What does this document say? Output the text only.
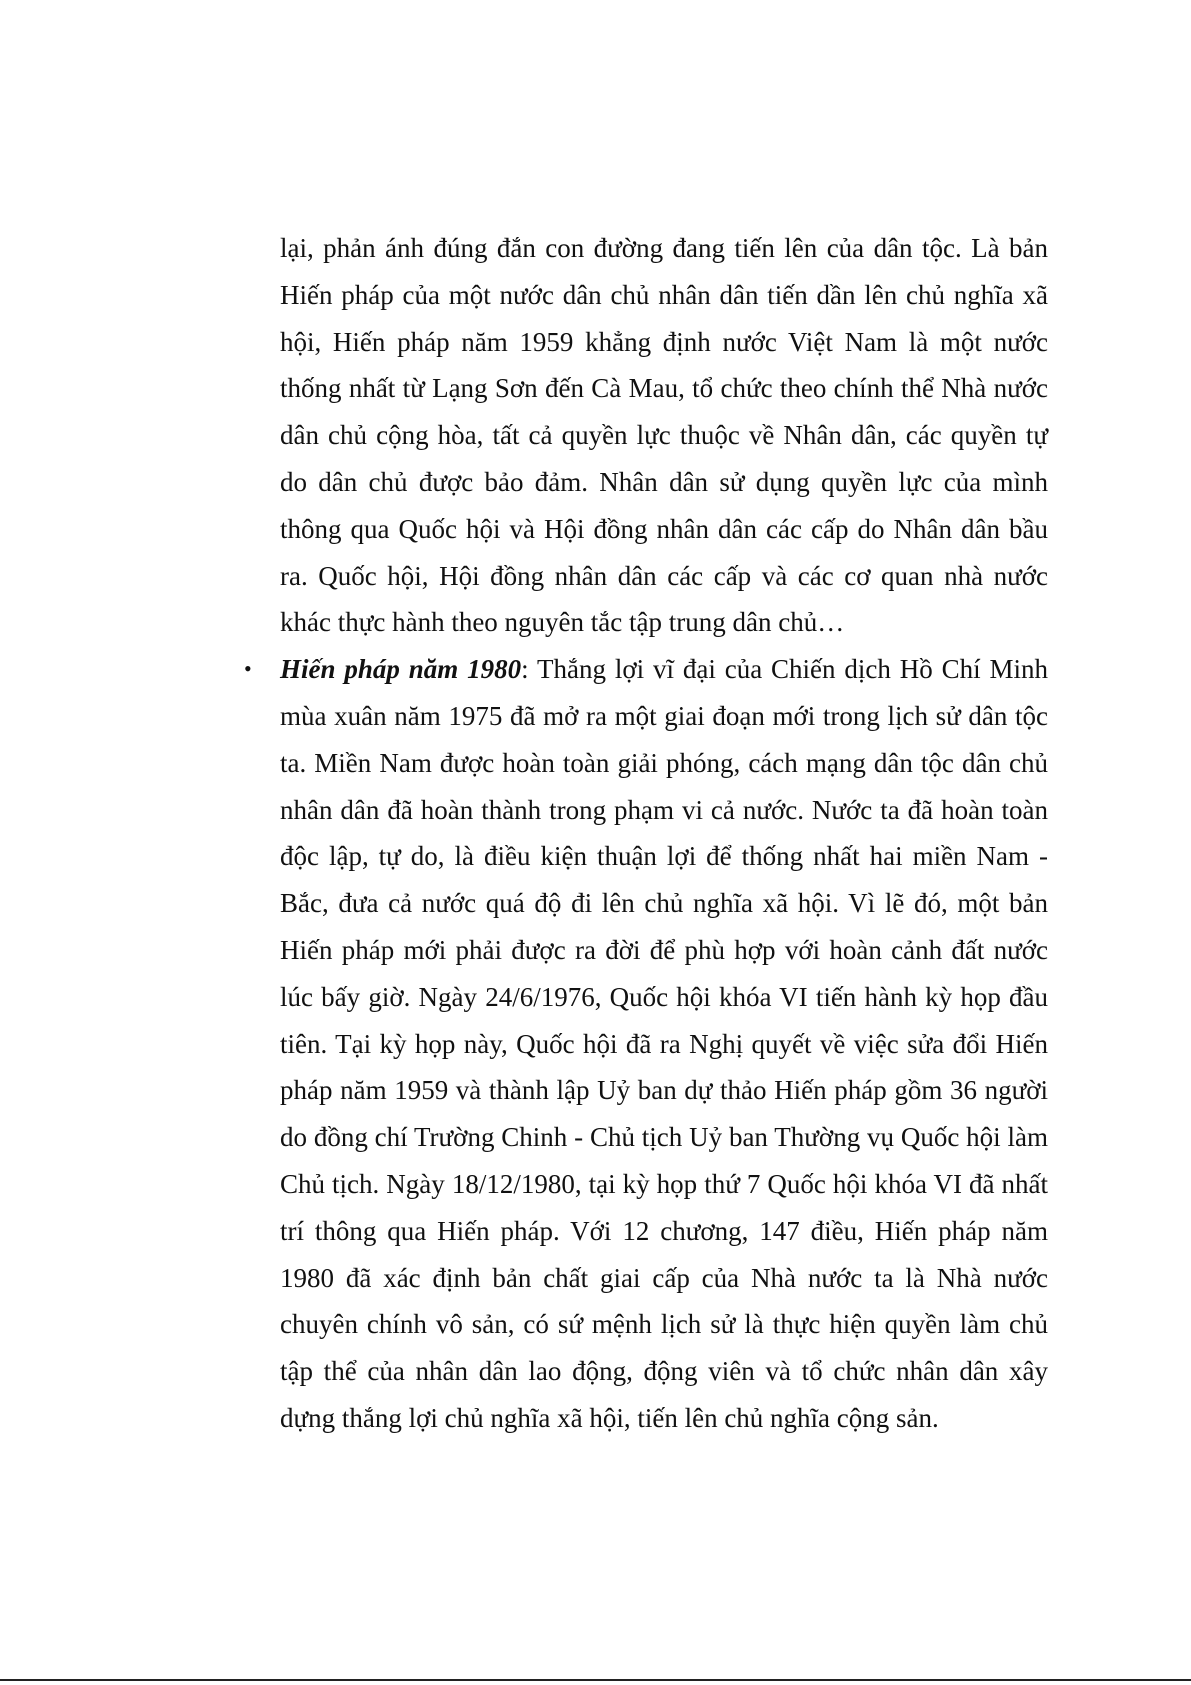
lại, phản ánh đúng đắn con đường đang tiến lên của dân tộc. Là bản Hiến pháp của một nước dân chủ nhân dân tiến dần lên chủ nghĩa xã hội, Hiến pháp năm 1959 khẳng định nước Việt Nam là một nước thống nhất từ Lạng Sơn đến Cà Mau, tổ chức theo chính thể Nhà nước dân chủ cộng hòa, tất cả quyền lực thuộc về Nhân dân, các quyền tự do dân chủ được bảo đảm. Nhân dân sử dụng quyền lực của mình thông qua Quốc hội và Hội đồng nhân dân các cấp do Nhân dân bầu ra. Quốc hội, Hội đồng nhân dân các cấp và các cơ quan nhà nước khác thực hành theo nguyên tắc tập trung dân chủ…

• Hiến pháp năm 1980: Thắng lợi vĩ đại của Chiến dịch Hồ Chí Minh mùa xuân năm 1975 đã mở ra một giai đoạn mới trong lịch sử dân tộc ta. Miền Nam được hoàn toàn giải phóng, cách mạng dân tộc dân chủ nhân dân đã hoàn thành trong phạm vi cả nước. Nước ta đã hoàn toàn độc lập, tự do, là điều kiện thuận lợi để thống nhất hai miền Nam - Bắc, đưa cả nước quá độ đi lên chủ nghĩa xã hội. Vì lẽ đó, một bản Hiến pháp mới phải được ra đời để phù hợp với hoàn cảnh đất nước lúc bấy giờ. Ngày 24/6/1976, Quốc hội khóa VI tiến hành kỳ họp đầu tiên. Tại kỳ họp này, Quốc hội đã ra Nghị quyết về việc sửa đổi Hiến pháp năm 1959 và thành lập Uỷ ban dự thảo Hiến pháp gồm 36 người do đồng chí Trường Chinh - Chủ tịch Uỷ ban Thường vụ Quốc hội làm Chủ tịch. Ngày 18/12/1980, tại kỳ họp thứ 7 Quốc hội khóa VI đã nhất trí thông qua Hiến pháp. Với 12 chương, 147 điều, Hiến pháp năm 1980 đã xác định bản chất giai cấp của Nhà nước ta là Nhà nước chuyên chính vô sản, có sứ mệnh lịch sử là thực hiện quyền làm chủ tập thể của nhân dân lao động, động viên và tổ chức nhân dân xây dựng thắng lợi chủ nghĩa xã hội, tiến lên chủ nghĩa cộng sản.
